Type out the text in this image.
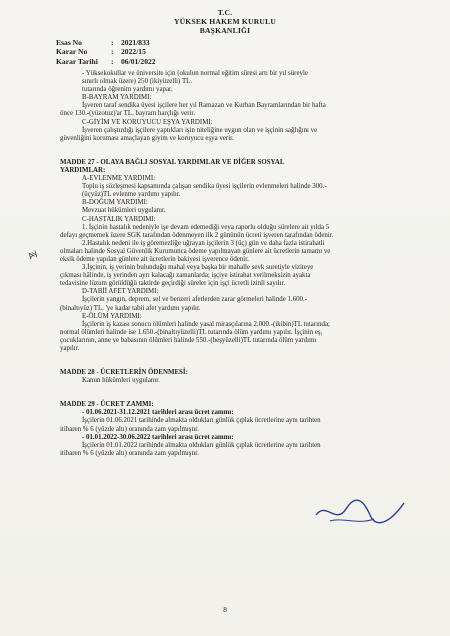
T.C.
YÜKSEK HAKEM KURULU
BAŞKANLIĞI
Esas No	: 2021/833
Karar No	: 2022/15
Karar Tarihi	: 06/01/2022
Ay

- Yüksekokullar ve üniversite için (okulun normal eğitim süresi artı bir yıl süreyle

sınırlı olmak üzere) 250 (ikiyüzelli) TL.

tutarında öğrenim yardımı yapar.

B-BAYRAM YARDIMI:

İşveren taraf sendika üyesi işçilere her yıl Ramazan ve Kurban Bayramlarından bir hafta

önce 130.-(yüzotuz)'ar TL. bayram harçlığı verir.

C-GİYİM VE KORUYUCU EŞYA YARDIMI:

İşveren çalıştırdığı işçilere yaptıkları işin niteliğine uygun olan ve işçinin sağlığını ve

güvenliğini koruması amaçlayan giyim ve koruyucu eşya verir.

MADDE 27 - OLAYA BAĞLI SOSYAL YARDIMLAR VE DİĞER SOSYAL

YARDIMLAR:

A-EVLENME YARDIMI:

Toplu iş sözleşmesi kapsamında çalışan sendika üyesi işçilerin evlenmeleri halinde 300.-

(üçyüz)TL evlenme yardımı yapılır.

B-DOĞUM YARDIMI:

Mevzuat hükümleri uygulanır.

C-HASTALIK YARDIMI:

1. İşçinin hastalık nedeniyle işe devam edemediği veya raporlu olduğu sürelere ait yılda 5

defayı geçmemek üzere SGK tarafından ödenmeyen ilk 2 gününün ücreti işveren tarafından ödenir.

2.Hastalık nedeni ile iş göremezliğe uğrayan işçilerin 3 (üç) gün ve daha fazla istirahatli

olmaları halinde Sosyal Güvenlik Kurumunca ödeme yapılmayan günlere ait ücretlerin tamamı ve

eksik ödeme yapılan günlere ait ücretlerin bakiyesi işverence ödenir.

3.İşçinin, iş yerinin bulunduğu mahal veya başka bir mahalle sevk suretiyle viziteye

çıkması hâlinde, iş yerinden ayrı kalacağı zamanlarda; işçiye istirahat verilmeksizin ayakta

tedavisine lüzum görüldüğü taktirde geçirdiği süreler için işçi ücretli izinli sayılır.

D-TABİİ AFET YARDIMI:

İşçilerin yangın, deprem, sel ve benzeri afetlerden zarar görmeleri halinde 1.600.-

(binaltıyüz) TL. 'ye kadar tabii afet yardımı yapılır.

E-ÖLÜM YARDIMI:

İşçilerin iş kazası sonucu ölümleri halinde yasal mirasçılarına 2.000.-(ikibin)TL tutarında;

normal ölümleri halinde ise 1.650.-(binaltıyüzelli)TL tutarında ölüm yardımı yapılır. İşçinin eş,

çocuklarının, anne ve babasının ölümleri halinde 550.-(beşyüzelli)TL tutarında ölüm yardımı

yapılır.

MADDE 28 - ÜCRETLERİN ÖDENMESİ:

Kanun hükümleri uygulanır.

MADDE 29 - ÜCRET ZAMMI:

- 01.06.2021-31.12.2021 tarihleri arası ücret zammı:

İşçilerin 01.06.2021 tarihinde almakta oldukları günlük çıplak ücretlerine aynı tarihten

itibaren % 6 (yüzde altı) oranında zam yapılmıştır.

- 01.01.2022-30.06.2022 tarihleri arası ücret zammı:

İşçilerin 01.01.2022 tarihinde almakta oldukları günlük çıplak ücretlerine aynı tarihten

itibaren % 6 (yüzde altı) oranında zam yapılmıştır.

8
